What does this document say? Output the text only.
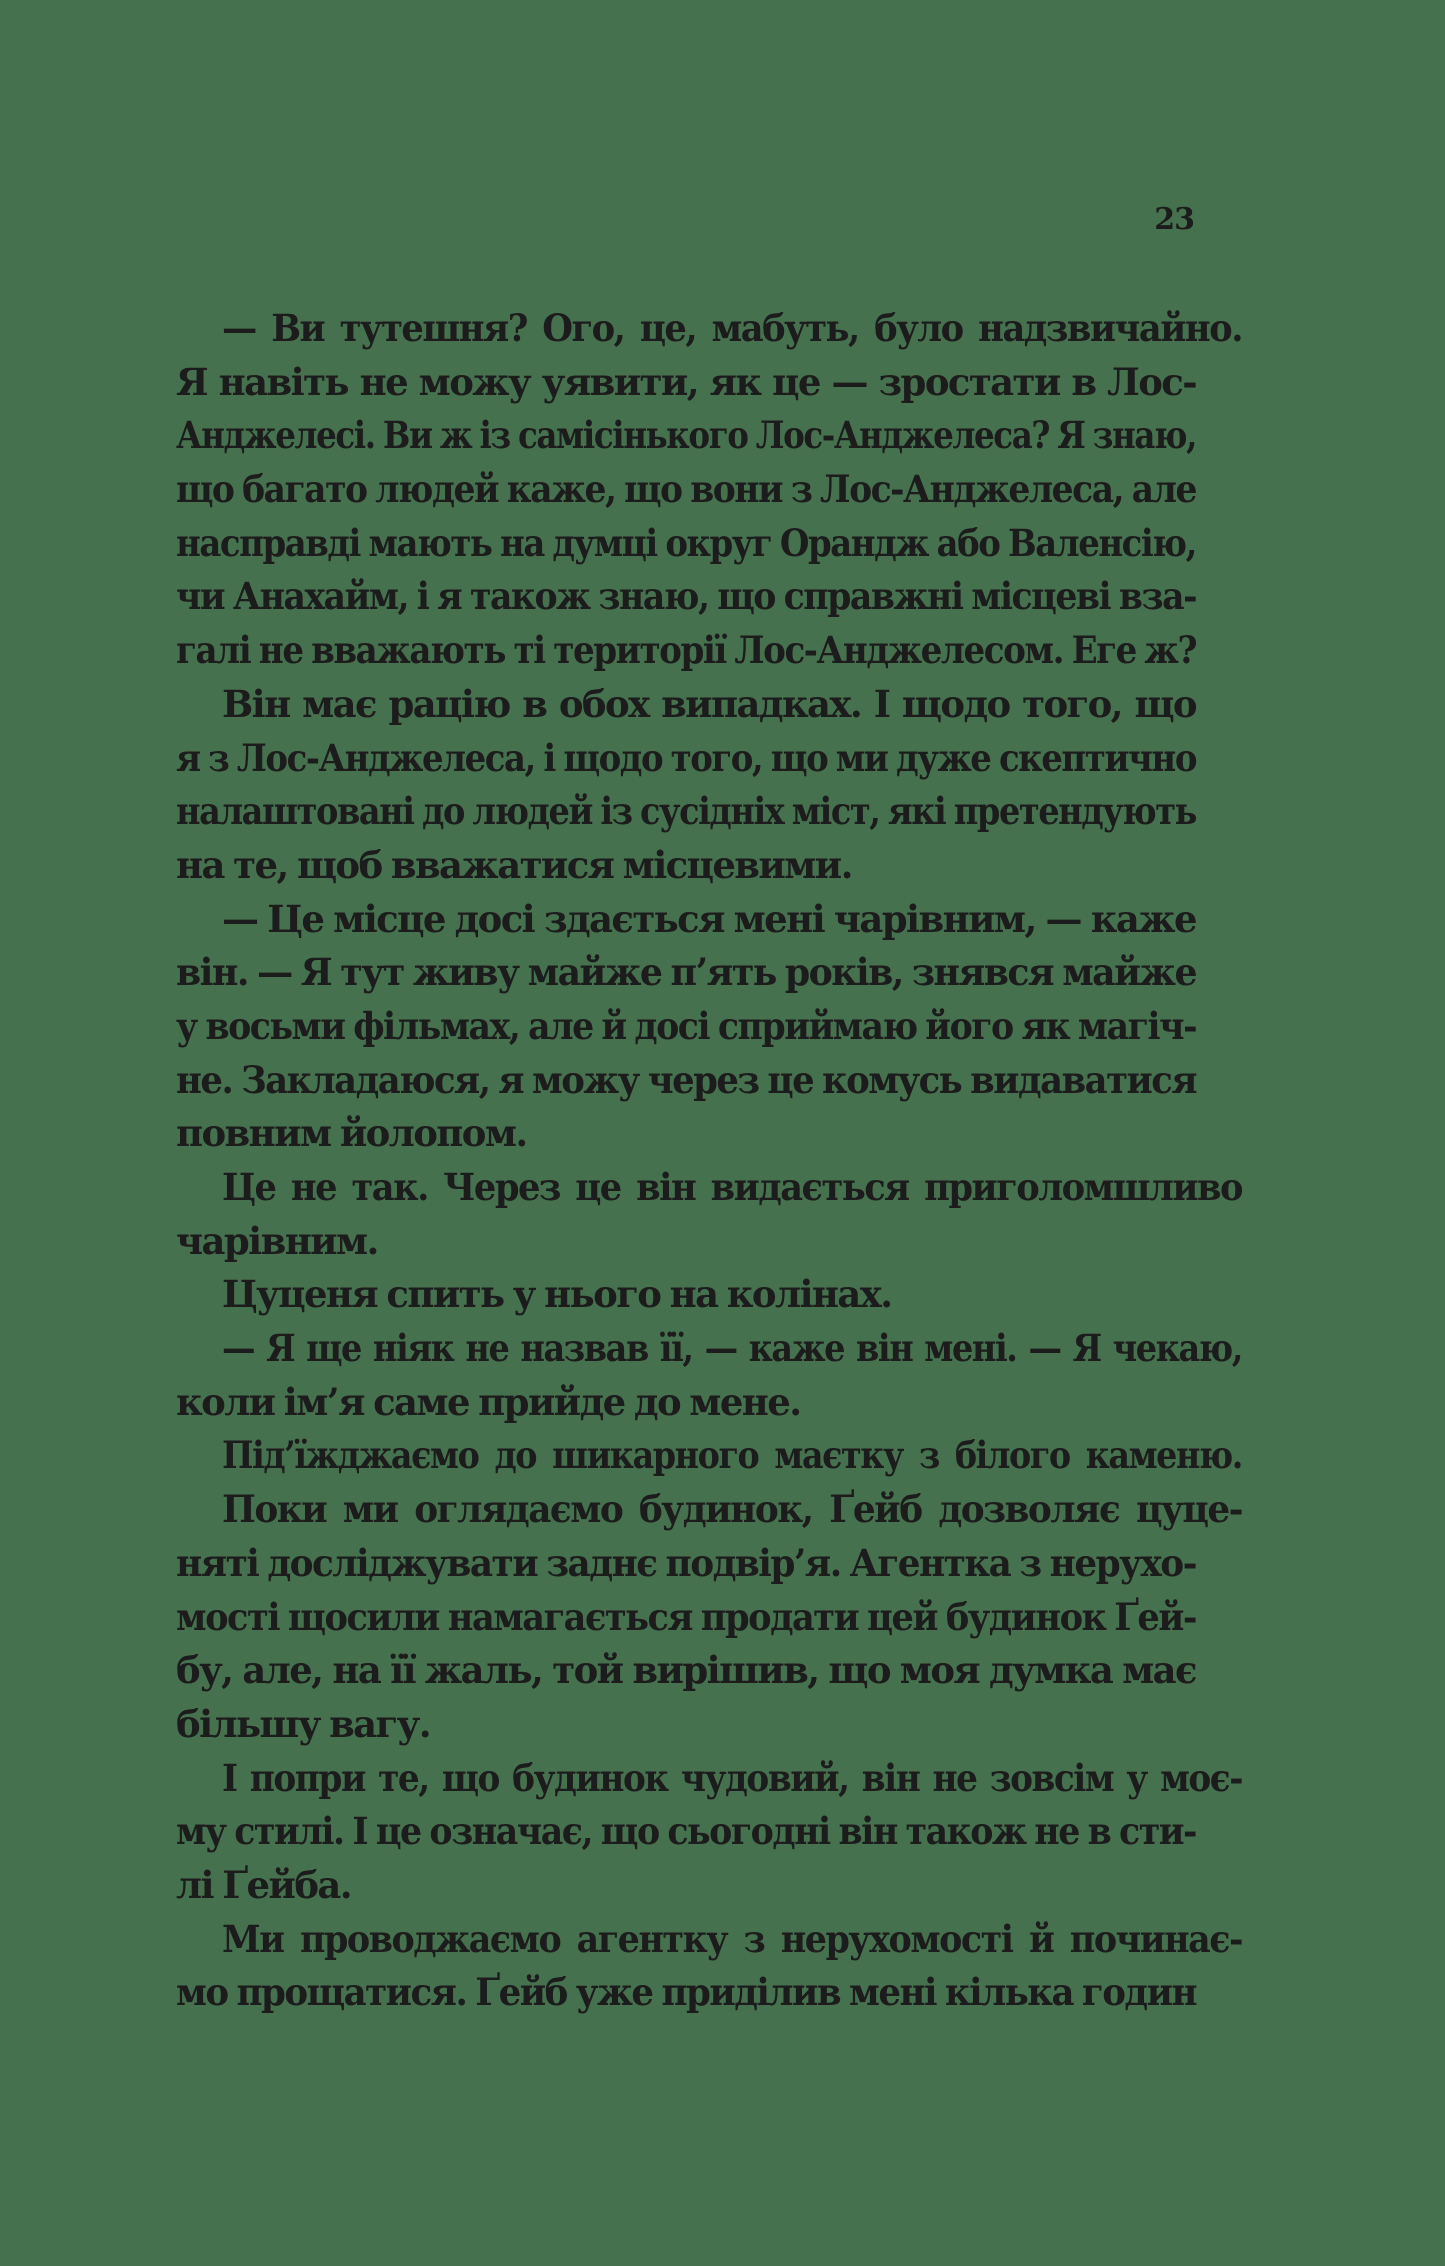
23
— Ви тутешня? Ого, це, мабуть, було надзвичайно.
Я навіть не можу уявити, як це — зростати в Лос-
Анджелесі. Ви ж із самісінького Лос-Анджелеса? Я знаю,
що багато людей каже, що вони з Лос-Анджелеса, але
насправді мають на думці округ Орандж або Валенсію,
чи Анахайм, і я також знаю, що справжні місцеві вза-
галі не вважають ті території Лос-Анджелесом. Еге ж?
Він має рацію в обох випадках. І щодо того, що
я з Лос-Анджелеса, і щодо того, що ми дуже скептично
налаштовані до людей із сусідніх міст, які претендують
на те, щоб вважатися місцевими.
— Це місце досі здається мені чарівним, — каже
він. — Я тут живу майже п’ять років, знявся майже
у восьми фільмах, але й досі сприймаю його як магіч-
не. Закладаюся, я можу через це комусь видаватися
повним йолопом.
Це не так. Через це він видається приголомшливо
чарівним.
Цуценя спить у нього на колінах.
— Я ще ніяк не назвав її, — каже він мені. — Я чекаю,
коли ім’я саме прийде до мене.
Під’їжджаємо до шикарного маєтку з білого каменю.
Поки ми оглядаємо будинок, Ґейб дозволяє цуце-
няті досліджувати заднє подвір’я. Агентка з нерухо-
мості щосили намагається продати цей будинок Ґей-
бу, але, на її жаль, той вирішив, що моя думка має
більшу вагу.
І попри те, що будинок чудовий, він не зовсім у моє-
му стилі. І це означає, що сьогодні він також не в сти-
лі Ґейба.
Ми проводжаємо агентку з нерухомості й починає-
мо прощатися. Ґейб уже приділив мені кілька годин
